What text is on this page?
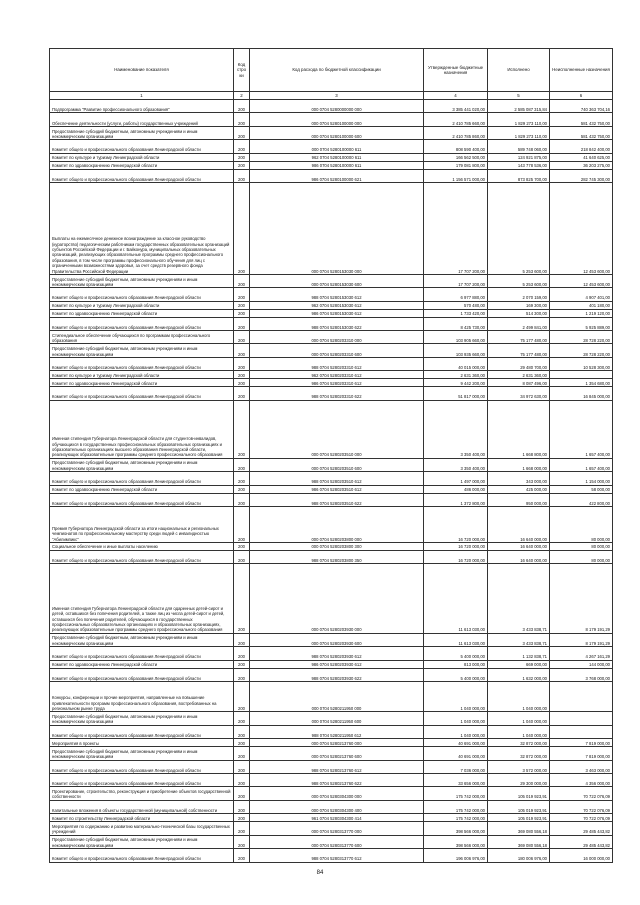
Наименование показателя	Код стро ки	Код расхода по бюджетной классификации	Утвержденные бюджетные назначения	Исполнено	Неисполненные назначения
1	2	3	4	5	6
Подпрограмма "Развитие профессионального образования"	200	000 0704 5280000000 000	3 385 441 020,00	2 585 087 315,84	740 363 704,16
Обеспечение деятельности (услуги, работы) государственных учреждений	200	000 0704 5280100000 000	2 410 785 660,00	1 829 273 110,00	581 432 750,00
Предоставление субсидий бюджетным, автономным учреждениям и иным некоммерческим организациям	200	000 0704 5280100000 600	2 410 785 860,00	1 829 273 110,00	581 432 750,00
Комитет общего и профессионального образования Ленинградской области	200	000 0704 5280100000 611	808 590 400,00	589 748 060,00	218 842 400,00
Комитет по культуре и туризму Ленинградской области	200	962 0704 5280100000 611	166 562 500,00	124 921 875,00	41 640 625,00
Комитет по здравоохранению Ленинградской области	200	986 0704 5280100000 611	179 081 800,00	143 778 536,00	36 203 275,00
Комитет общего и профессионального образования Ленинградской области	200	986 0704 5280100000 621	1 156 571 000,00	873 825 700,00	282 745 300,00
Выплаты на ежемесячное денежное вознаграждение за классное руководство (кураторство) педагогическим работникам государственных образовательных организаций субъектов Российской Федерации и г. Байконура, муниципальных образовательных организаций, реализующих образовательные программы среднего профессионального образования, в том числе программы профессионального обучения для лиц с ограниченными возможностями здоровья, за счет средств резервного фонда Правительства Российской Федерации	200	000 0704 5280153030 000	17 707 200,00	5 253 600,00	12 453 600,00
Предоставление субсидий бюджетным, автономным учреждениям и иным некоммерческим организациям	200	000 0704 5280153030 600	17 707 200,00	5 253 600,00	12 453 600,00
Комитет общего и профессионального образования Ленинградской области	200	988 0704 5280153030 612	6 977 880,00	2 070 159,00	4 907 401,00
Комитет по культуре и туризму Ленинградской области	200	962 0704 5280153030 612	570 480,00	169 300,00	401 180,00
Комитет по здравоохранению Ленинградской области	200	986 0704 5280153030 612	1 733 420,00	514 300,00	1 219 120,00
Комитет общего и профессионального образования Ленинградской области	200	988 0704 5280153030 622	8 425 730,00	2 499 841,00	5 925 889,00
Стипендиальное обеспечение обучающихся по программам профессионального образования	200	000 0704 5280203310 000	103 905 660,00	75 177 480,00	28 728 220,00
Предоставление субсидий бюджетным, автономным учреждениям и иным некоммерческим организациям	200	000 0704 5280203310 600	103 935 660,00	75 177 480,00	28 728 220,00
Комитет общего и профессионального образования Ленинградской области	200	988 0704 5280203310 612	40 015 000,00	29 480 700,00	10 528 300,00
Комитет по культуре и туризму Ленинградской области	200	962 0704 5280203310 612	2 631 360,00	2 631 360,00	
Комитет по здравоохранению Ленинградской области	200	986 0704 5280203310 612	9 442 200,00	8 087 496,00	1 354 680,00
Комитет общего и профессионального образования Ленинградской области	200	988 0704 5280203310 622	51 817 000,00	34 972 630,00	16 845 000,00
Именная стипендия Губернатора Ленинградской области для студентов-инвалидов, обучающихся в государственных профессиональных образовательных организациях и образовательных организациях высшего образования Ленинградской области, реализующих образовательные программы среднего профессионального образования	200	000 0704 5280203510 000	3 350 400,00	1 668 800,00	1 657 400,00
Предоставление субсидий бюджетным, автономным учреждениям и иным некоммерческим организациям	200	000 0704 5280203510 600	3 350 400,00	1 668 000,00	1 657 400,00
Комитет общего и профессионального образования Ленинградской области	200	988 0704 5280203510 612	1 497 000,00	343 000,00	1 154 000,00
Комитет по здравоохранению Ленинградской области	200	986 0704 5280203510 612	486 000,00	425 000,00	58 000,00
Комитет общего и профессионального образования Ленинградской области	200	988 0704 5280203510 622	1 372 800,00	950 000,00	422 800,00
Премия Губернатора Ленинградской области за итоги национальных и региональных чемпионатов по профессиональному мастерству среди людей с инвалидностью "Абилимпикс"	200	000 0704 5280203800 000	16 720 000,00	16 640 000,00	80 000,00
Социальное обеспечение и иные выплаты населению	200	000 0704 5280203800 300	16 720 000,00	16 640 000,00	80 000,00
Комитет общего и профессионального образования Ленинградской области	200	988 0704 5280203800 350	16 720 000,00	16 640 000,00	80 000,00
Именная стипендия Губернатора Ленинградской области для одаренных детей-сирот и детей, оставшихся без попечения родителей, а также лиц из числа детей-сирот и детей, оставшихся без попечения родителей, обучающихся в государственных профессиональных образовательных организациях и образовательных организациях, реализующих образовательные программы среднего профессионального образования	200	000 0704 5280203930 000	11 613 030,00	3 433 838,71	8 179 191,29
Предоставление субсидий бюджетным, автономным учреждениям и иным некоммерческим организациям	200	000 0704 5280203930 600	11 613 030,00	3 433 838,71	8 179 191,29
Комитет общего и профессионального образования Ленинградской области	200	988 0704 5280203930 612	5 400 000,00	1 132 838,71	4 267 161,29
Комитет по здравоохранению Ленинградской области	200	986 0704 5280203930 612	813 000,00	669 000,00	144 000,00
Комитет общего и профессионального образования Ленинградской области	200	988 0704 5280203930 622	5 400 000,00	1 632 000,00	3 768 000,00
Конкурсы, конференции и прочие мероприятия, направленные на повышение привлекательности программ профессионального образования, востребованных на региональном рынке труда	200	000 0704 5280211950 000	1 040 000,00	1 040 000,00	
Предоставление субсидий бюджетным, автономным учреждениям и иным некоммерческим организациям	200	000 0704 5280211950 600	1 040 000,00	1 040 000,00	
Комитет общего и профессионального образования Ленинградской области	200	988 0704 5280211950 612	1 040 000,00	1 040 000,00	
Мероприятия в проекты	200	000 0704 5280213760 000	40 691 000,00	32 872 000,00	7 819 000,00
Предоставление субсидий бюджетным, автономным учреждениям и иным некоммерческим организациям	200	000 0704 5280213760 600	40 691 000,00	32 872 000,00	7 819 000,00
Комитет общего и профессионального образования Ленинградской области	200	988 0704 5280213760 612	7 036 000,00	3 572 000,00	3 463 000,00
Комитет общего и профессионального образования Ленинградской области	200	988 0704 5280213760 622	33 656 000,00	29 300 000,00	4 356 000,00
Проектирование, строительство, реконструкция и приобретение объектов государственной собственности	200	000 0704 5280304300 000	175 742 000,00	105 019 923,91	70 722 076,09
Капитальные вложения в объекты государственной (муниципальной) собственности	200	000 0704 5280304300 400	175 742 000,00	105 019 923,91	70 722 076,09
Комитет по строительству Ленинградской области	200	961 0704 5280304300 414	175 742 000,00	105 019 923,91	70 722 076,09
Мероприятия по содержанию и развитию материально-технической базы государственных учреждений	200	000 0704 5280313770 000	398 566 000,00	369 080 556,18	29 485 443,82
Предоставление субсидий бюджетным, автономным учреждениям и иным некоммерческим организациям	200	000 0704 5280313770 600	398 566 000,00	369 080 556,18	29 485 443,82
Комитет общего и профессионального образования Ленинградской области	200	988 0704 5280313770 612	196 006 976,00	180 006 976,00	16 000 000,00
84
